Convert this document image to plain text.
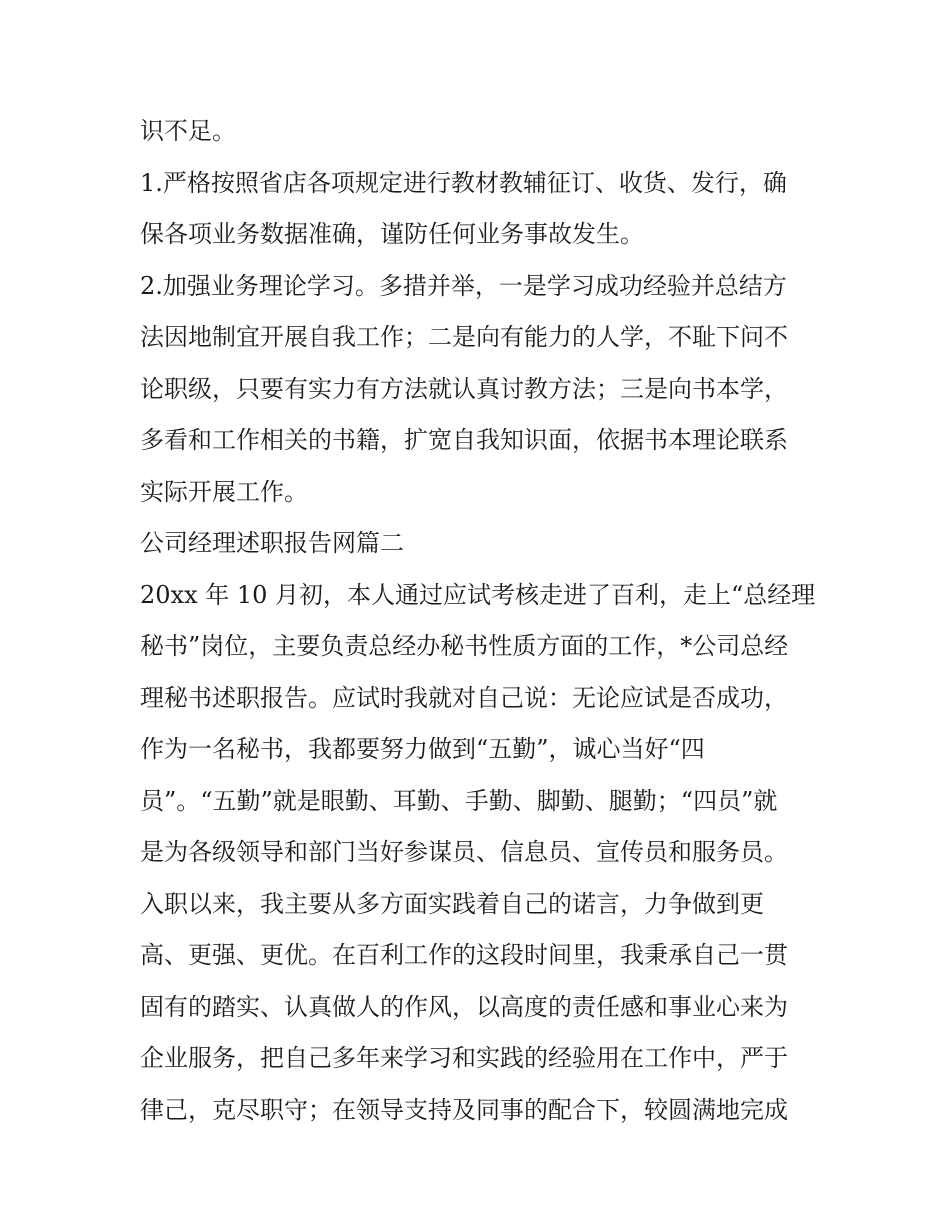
识不足。

1.严格按照省店各项规定进行教材教辅征订、收货、发行，确

保各项业务数据准确，谨防任何业务事故发生。

2.加强业务理论学习。多措并举，一是学习成功经验并总结方

法因地制宜开展自我工作；二是向有能力的人学，不耻下问不

论职级，只要有实力有方法就认真讨教方法；三是向书本学，

多看和工作相关的书籍，扩宽自我知识面，依据书本理论联系

实际开展工作。

公司经理述职报告网篇二

20xx 年 10 月初，本人通过应试考核走进了百利，走上“总经理

秘书”岗位，主要负责总经办秘书性质方面的工作，*公司总经

理秘书述职报告。应试时我就对自己说：无论应试是否成功，

作为一名秘书，我都要努力做到“五勤”，诚心当好“四

员”。“五勤”就是眼勤、耳勤、手勤、脚勤、腿勤；“四员”就

是为各级领导和部门当好参谋员、信息员、宣传员和服务员。

入职以来，我主要从多方面实践着自己的诺言，力争做到更

高、更强、更优。在百利工作的这段时间里，我秉承自己一贯

固有的踏实、认真做人的作风，以高度的责任感和事业心来为

企业服务，把自己多年来学习和实践的经验用在工作中，严于

律己，克尽职守；在领导支持及同事的配合下，较圆满地完成
